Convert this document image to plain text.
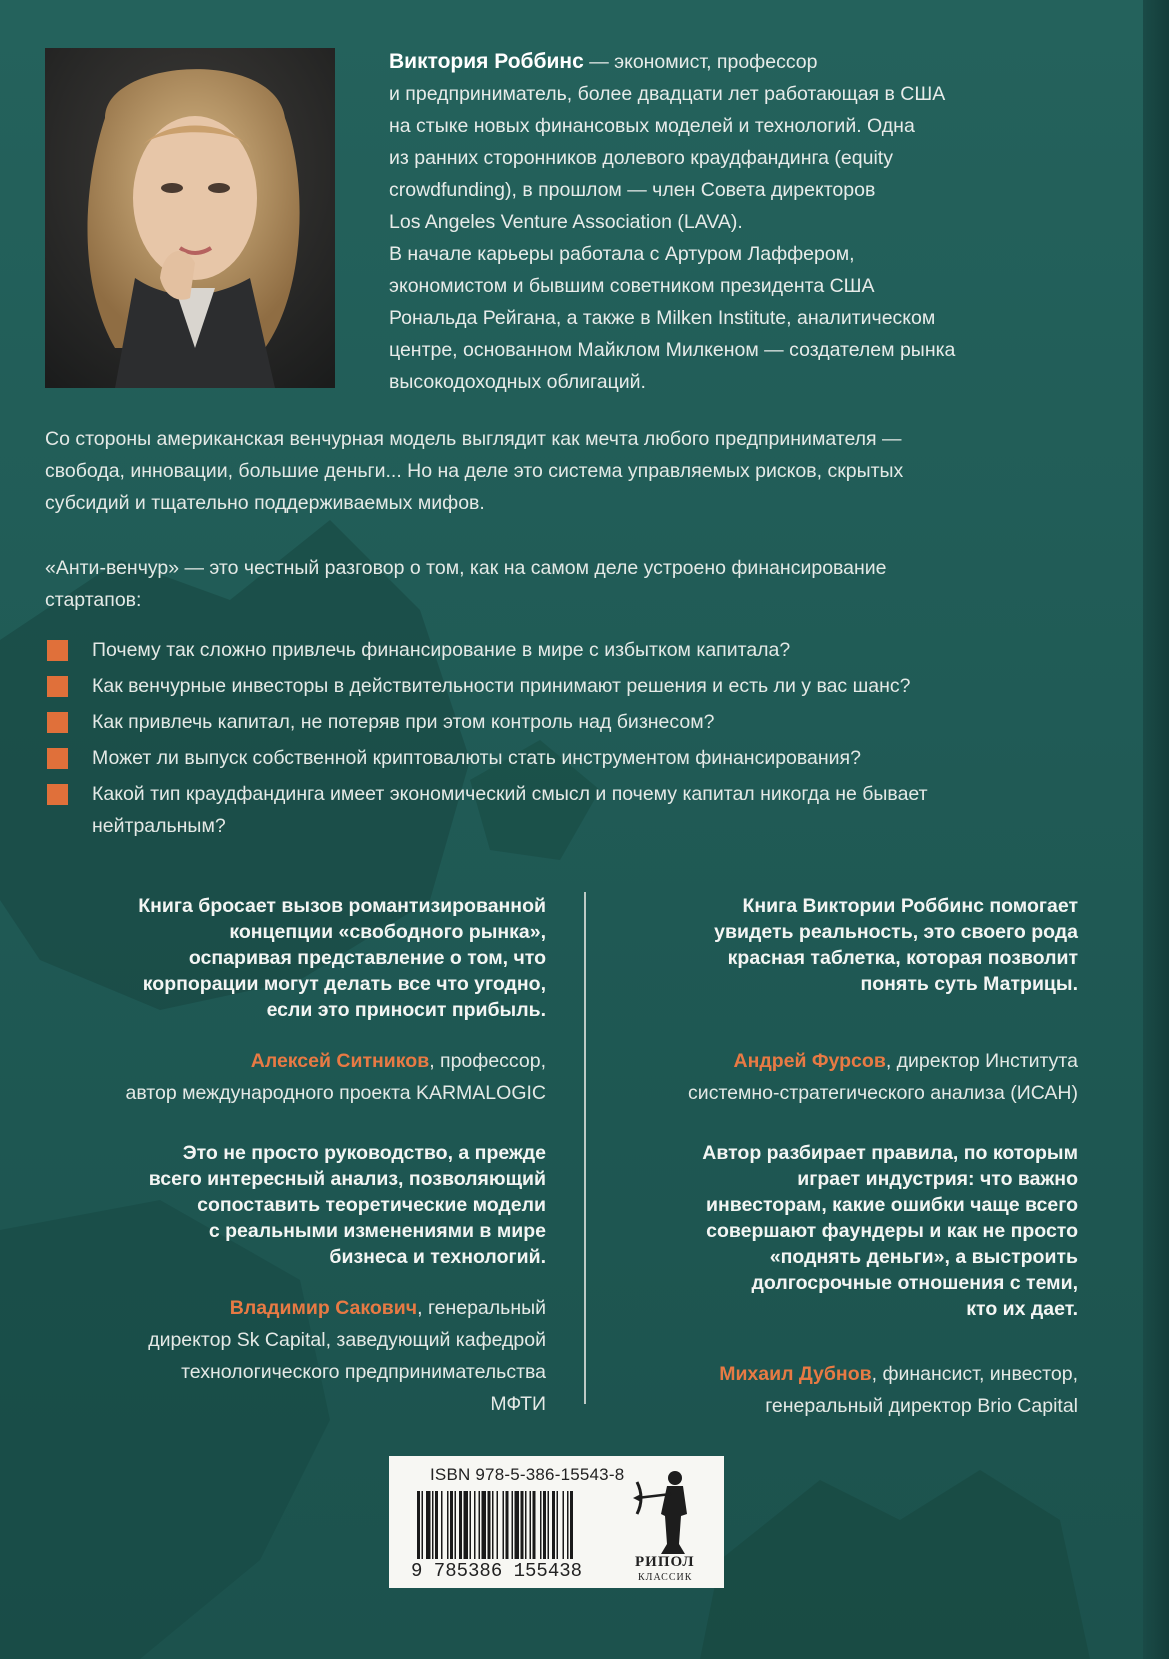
Виктория Роббинс — экономист, профессор
и предприниматель, более двадцати лет работающая в США
на стыке новых финансовых моделей и технологий. Одна
из ранних сторонников долевого краудфандинга (equity
crowdfunding), в прошлом — член Совета директоров
Los Angeles Venture Association (LAVA).
В начале карьеры работала с Артуром Лаффером,
экономистом и бывшим советником президента США
Рональда Рейгана, а также в Milken Institute, аналитическом
центре, основанном Майклом Милкеном — создателем рынка
высокодоходных облигаций.
Со стороны американская венчурная модель выглядит как мечта любого предпринимателя —
свобода, инновации, большие деньги... Но на деле это система управляемых рисков, скрытых
субсидий и тщательно поддерживаемых мифов.
«Анти-венчур» — это честный разговор о том, как на самом деле устроено финансирование
стартапов:
Почему так сложно привлечь финансирование в мире с избытком капитала?
Как венчурные инвесторы в действительности принимают решения и есть ли у вас шанс?
Как привлечь капитал, не потеряв при этом контроль над бизнесом?
Может ли выпуск собственной криптовалюты стать инструментом финансирования?
Какой тип краудфандинга имеет экономический смысл и почему капитал никогда не бывает
нейтральным?
Книга бросает вызов романтизированной
концепции «свободного рынка»,
оспаривая представление о том, что
корпорации могут делать все что угодно,
если это приносит прибыль.
Алексей Ситников, профессор,
автор международного проекта KARMALOGIC
Книга Виктории Роббинс помогает
увидеть реальность, это своего рода
красная таблетка, которая позволит
понять суть Матрицы.
Андрей Фурсов, директор Института
системно-стратегического анализа (ИСАН)
Это не просто руководство, а прежде
всего интересный анализ, позволяющий
сопоставить теоретические модели
с реальными изменениями в мире
бизнеса и технологий.
Владимир Сакович, генеральный
директор Sk Capital, заведующий кафедрой
технологического предпринимательства
МФТИ
Автор разбирает правила, по которым
играет индустрия: что важно
инвесторам, какие ошибки чаще всего
совершают фаундеры и как не просто
«поднять деньги», а выстроить
долгосрочные отношения с теми,
кто их дает.
Михаил Дубнов, финансист, инвестор,
генеральный директор Brio Capital
ISBN 978-5-386-15543-8
9 785386 155438	РИПОЛ
КЛАССИК
